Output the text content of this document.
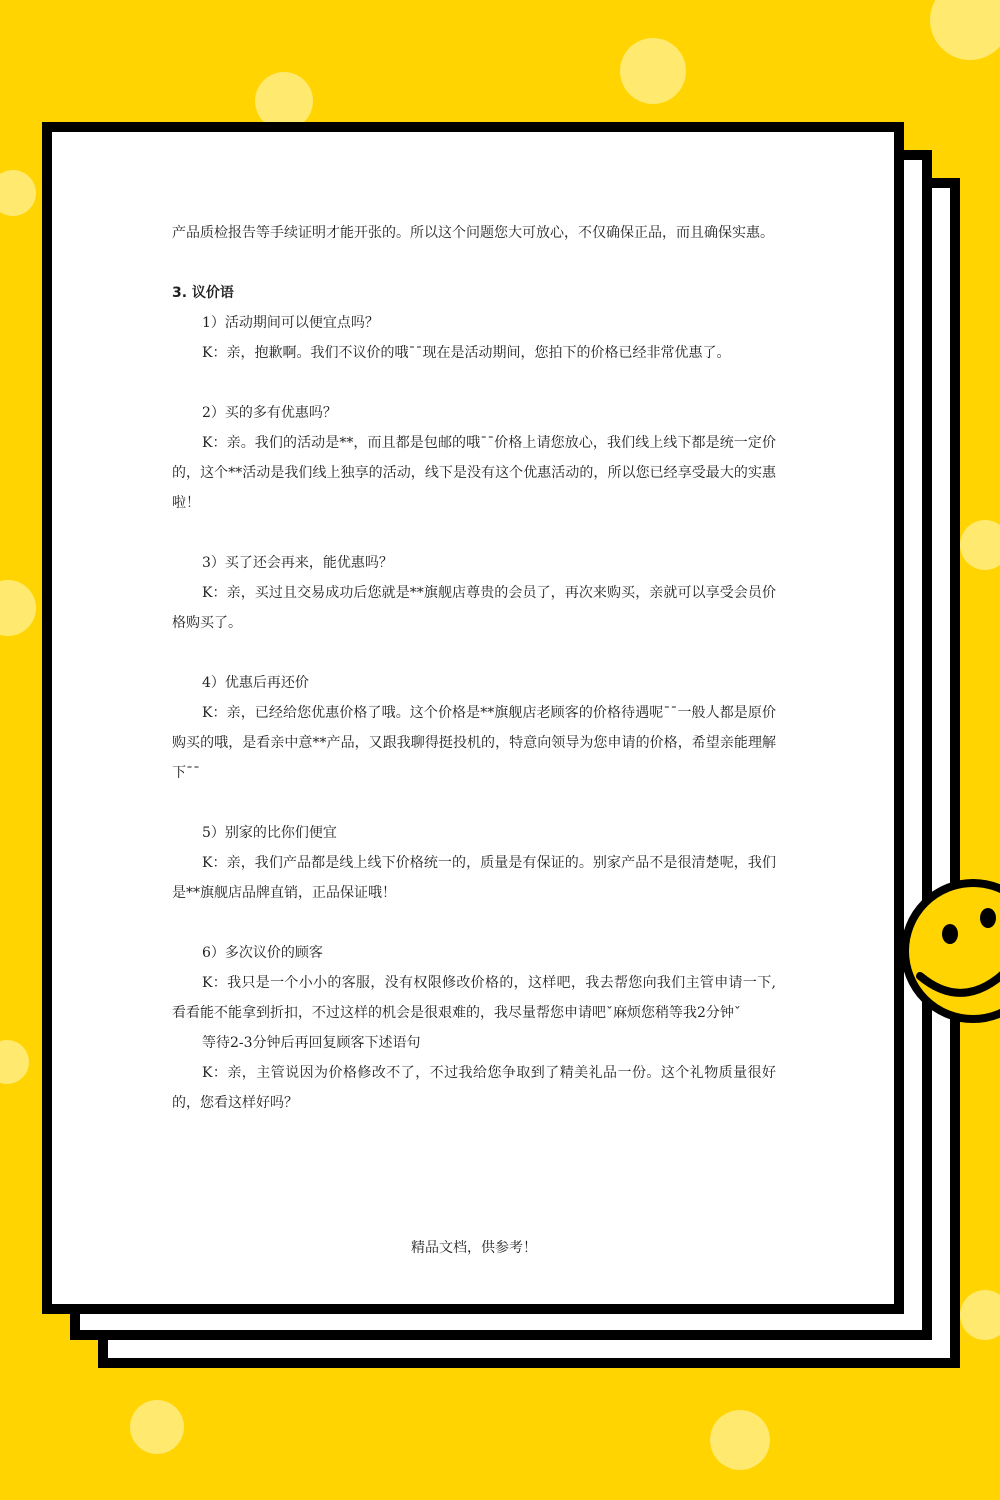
产品质检报告等手续证明才能开张的。所以这个问题您大可放心，不仅确保正品，而且确保实惠。

3. 议价语

1）活动期间可以便宜点吗？

K：亲，抱歉啊。我们不议价的哦¯¯现在是活动期间，您拍下的价格已经非常优惠了。

2）买的多有优惠吗？

K：亲。我们的活动是**，而且都是包邮的哦¯¯价格上请您放心，我们线上线下都是统一定价的，这个**活动是我们线上独享的活动，线下是没有这个优惠活动的，所以您已经享受最大的实惠啦！

3）买了还会再来，能优惠吗？

K：亲，买过且交易成功后您就是**旗舰店尊贵的会员了，再次来购买，亲就可以享受会员价格购买了。

4）优惠后再还价

K：亲，已经给您优惠价格了哦。这个价格是**旗舰店老顾客的价格待遇呢¯¯一般人都是原价购买的哦，是看亲中意**产品，又跟我聊得挺投机的，特意向领导为您申请的价格，希望亲能理解下¯¯

5）别家的比你们便宜

K：亲，我们产品都是线上线下价格统一的，质量是有保证的。别家产品不是很清楚呢，我们是**旗舰店品牌直销，正品保证哦！

6）多次议价的顾客

K：我只是一个小小的客服，没有权限修改价格的，这样吧，我去帮您向我们主管申请一下,看看能不能拿到折扣，不过这样的机会是很艰难的，我尽量帮您申请吧ˇ麻烦您稍等我2分钟ˇ

等待2-3分钟后再回复顾客下述语句

K：亲，主管说因为价格修改不了，不过我给您争取到了精美礼品一份。这个礼物质量很好的，您看这样好吗？

精品文档，供参考！
